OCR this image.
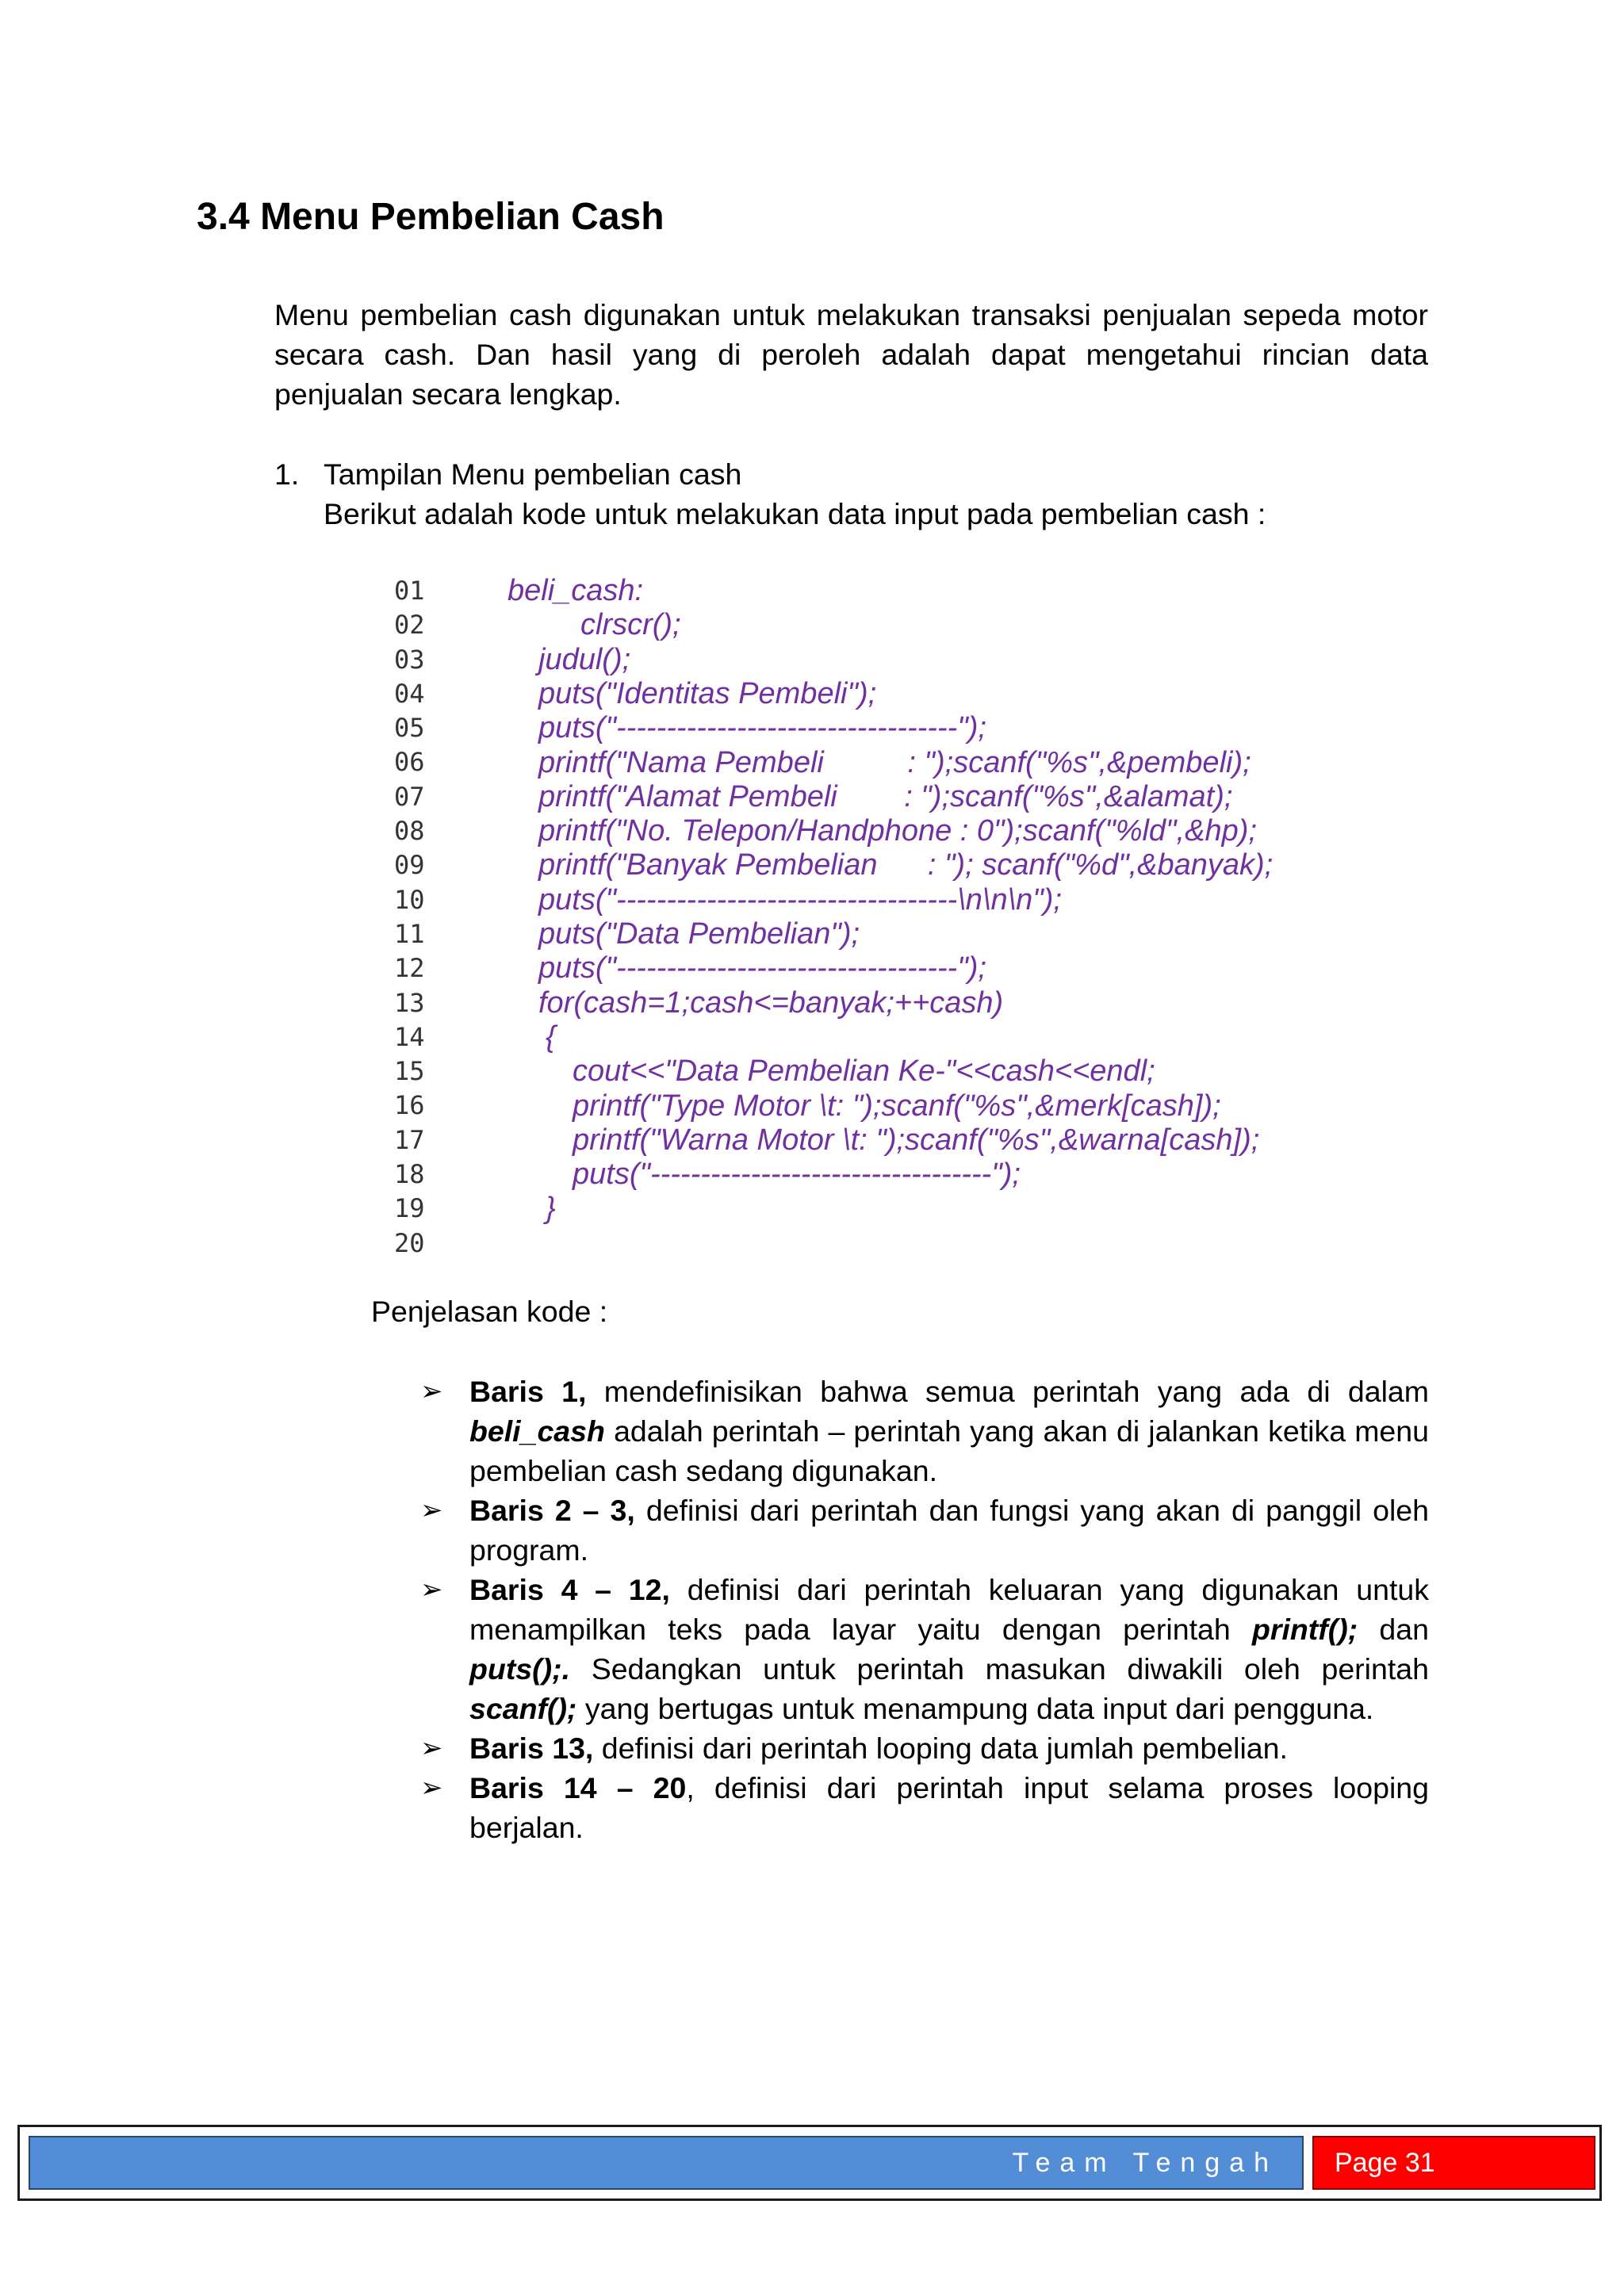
3.4 Menu Pembelian Cash

Menu pembelian cash digunakan untuk melakukan transaksi penjualan sepeda motor secara cash. Dan hasil yang di peroleh adalah dapat mengetahui rincian data penjualan secara lengkap.

1. Tampilan Menu pembelian cash
Berikut adalah kode untuk melakukan data input pada pembelian cash :
01
02
03
04
05
06
07
08
09
10
11
12
13
14
15
16
17
18
19
20
beli_cash:
clrscr();
judul();
puts("Identitas Pembeli");
puts("----------------------------------");
printf("Nama Pembeli          : ");scanf("%s",&pembeli);
printf("Alamat Pembeli        : ");scanf("%s",&alamat);
printf("No. Telepon/Handphone : 0");scanf("%ld",&hp);
printf("Banyak Pembelian      : "); scanf("%d",&banyak);
puts("----------------------------------\n\n\n");
puts("Data Pembelian");
puts("----------------------------------");
for(cash=1;cash<=banyak;++cash)
{
cout<<"Data Pembelian Ke-"<<cash<<endl;
printf("Type Motor \t: ");scanf("%s",&merk[cash]);
printf("Warna Motor \t: ");scanf("%s",&warna[cash]);
puts("----------------------------------");
}
Penjelasan kode :
➢ Baris 1, mendefinisikan bahwa semua perintah yang ada di dalam beli_cash adalah perintah – perintah yang akan di jalankan ketika menu pembelian cash sedang digunakan.
➢ Baris 2 – 3, definisi dari perintah dan fungsi yang akan di panggil oleh program.
➢ Baris 4 – 12, definisi dari perintah keluaran yang digunakan untuk menampilkan teks pada layar yaitu dengan perintah printf(); dan puts();. Sedangkan untuk perintah masukan diwakili oleh perintah scanf(); yang bertugas untuk menampung data input dari pengguna.
➢ Baris 13, definisi dari perintah looping data jumlah pembelian.
➢ Baris 14 – 20, definisi dari perintah input selama proses looping berjalan.
Team Tengah Page 31
